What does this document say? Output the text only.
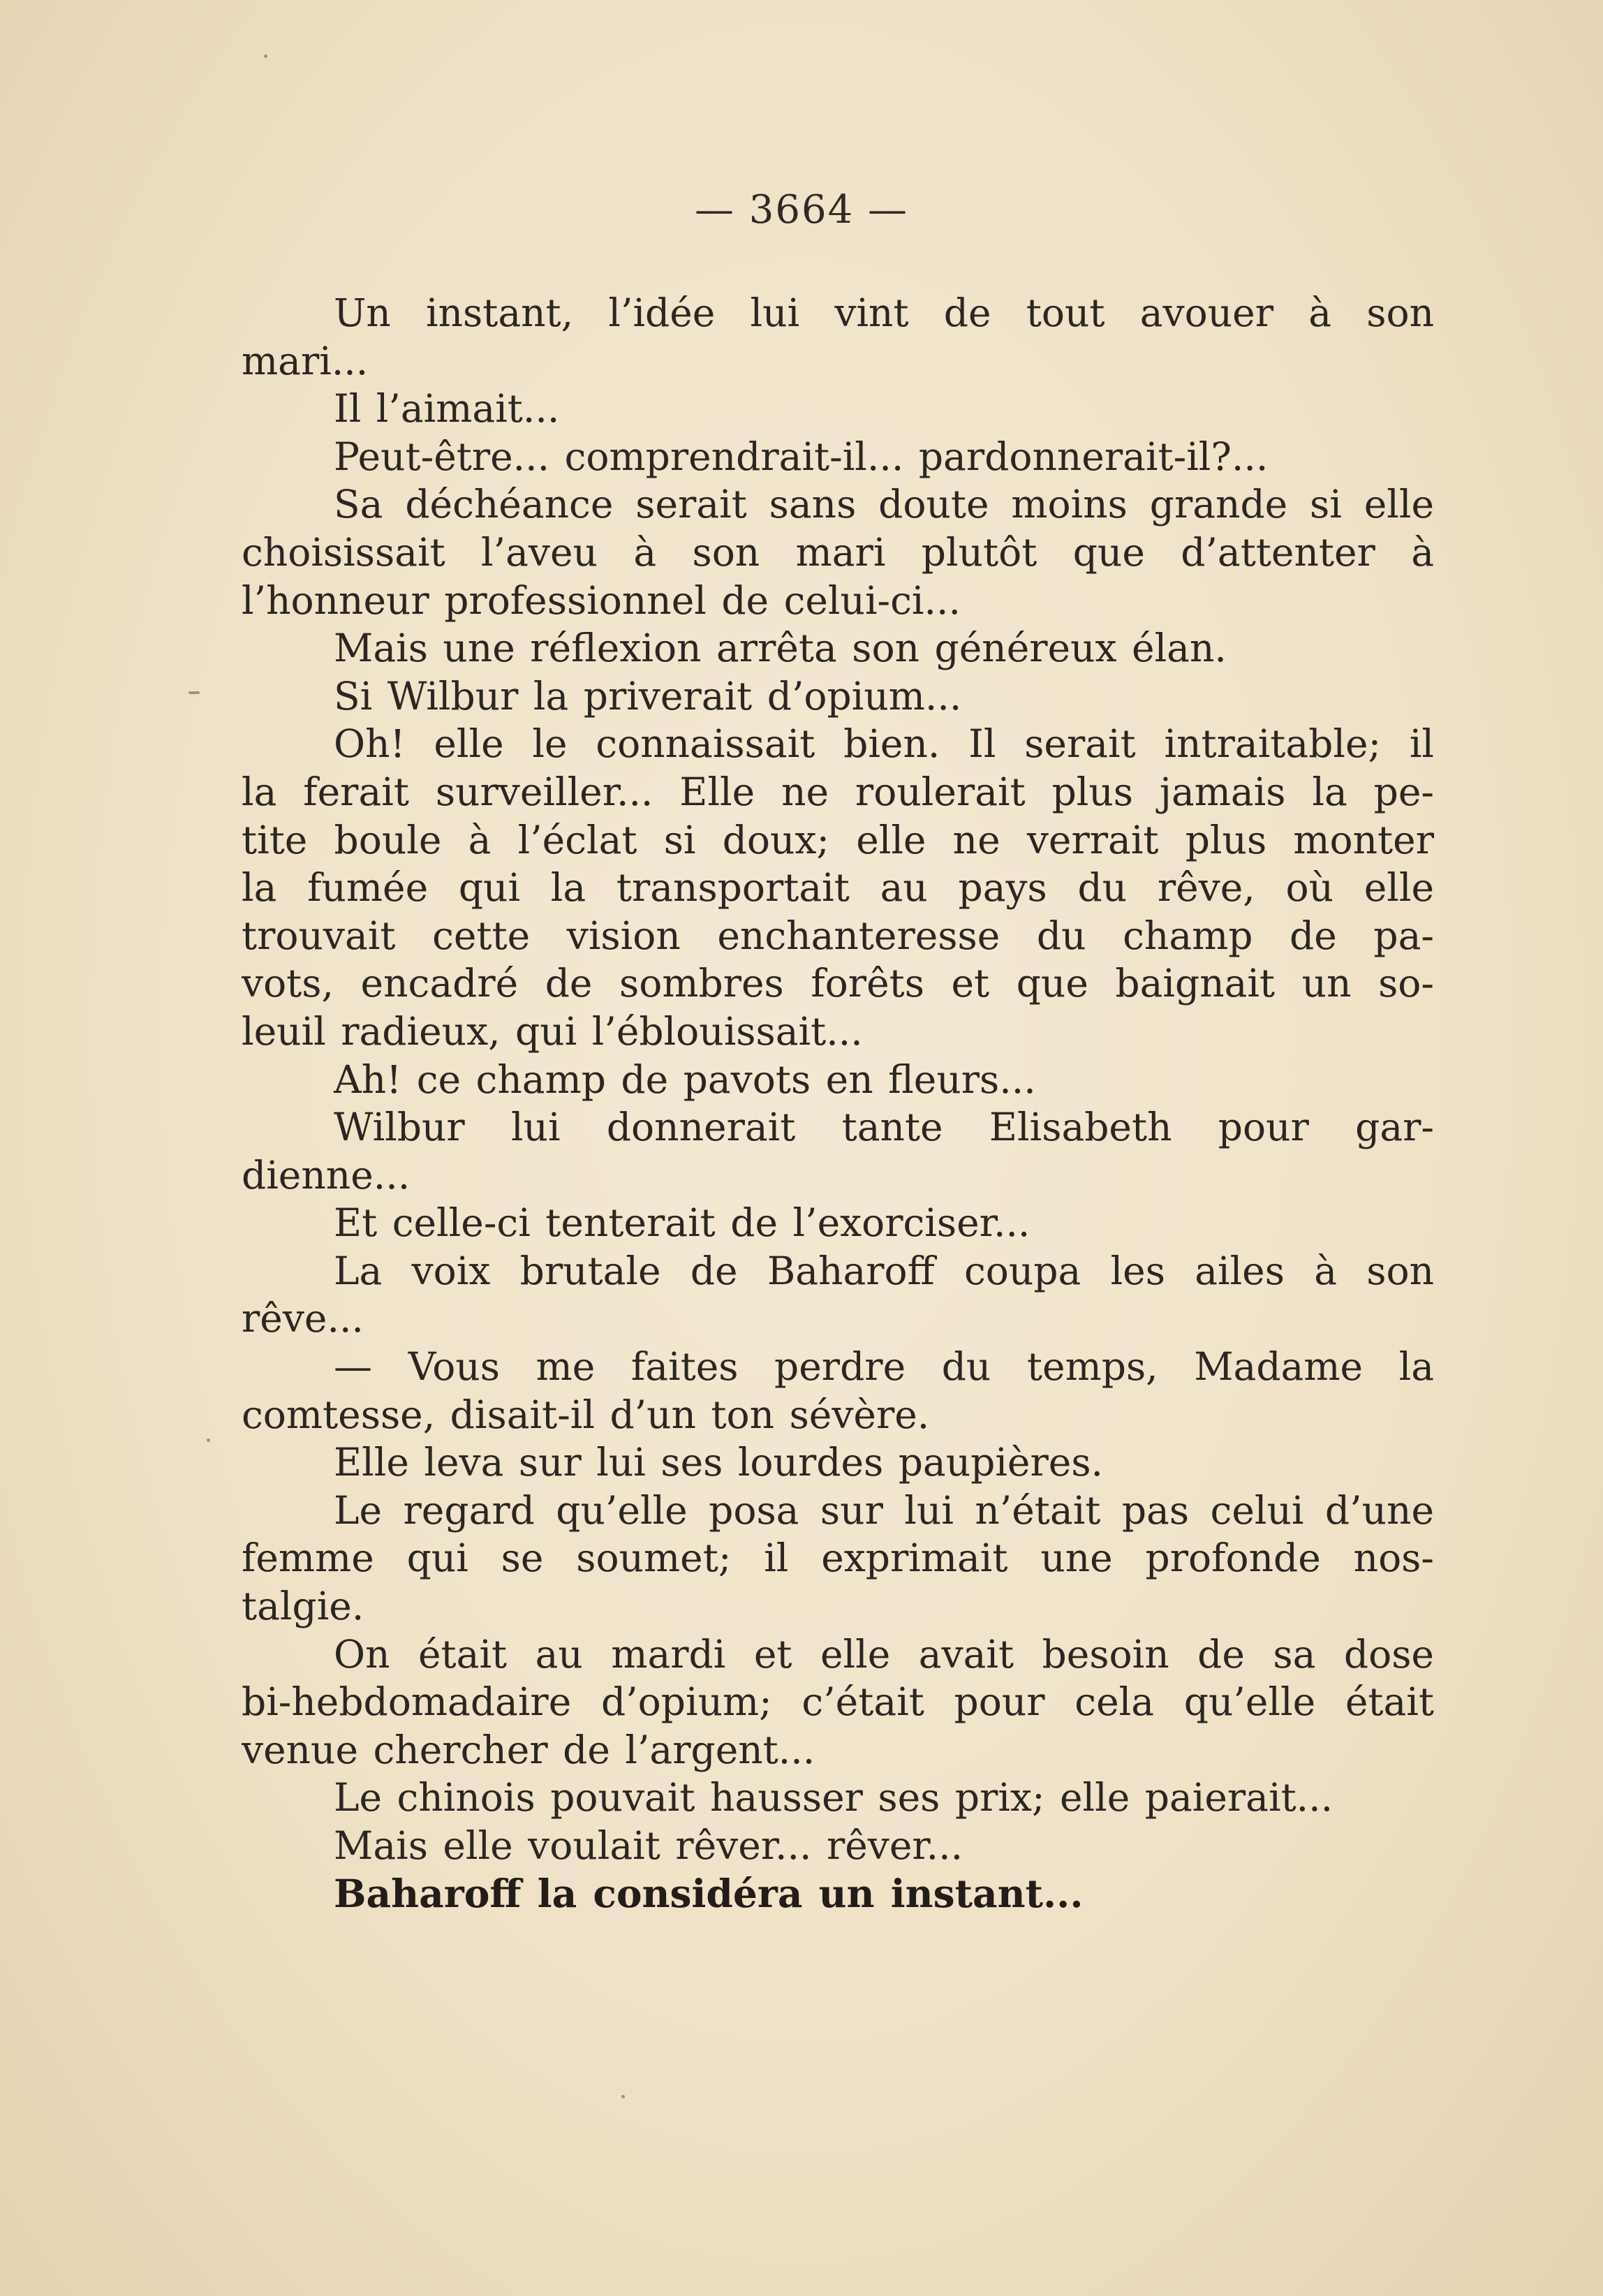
— 3664 —
Un instant, l’idée lui vint de tout avouer à son
mari...
Il l’aimait...
Peut-être... comprendrait-il... pardonnerait-il?...
Sa déchéance serait sans doute moins grande si elle
choisissait l’aveu à son mari plutôt que d’attenter à
l’honneur professionnel de celui-ci...
Mais une réflexion arrêta son généreux élan.
Si Wilbur la priverait d’opium...
Oh! elle le connaissait bien. Il serait intraitable; il
la ferait surveiller... Elle ne roulerait plus jamais la pe-
tite boule à l’éclat si doux; elle ne verrait plus monter
la fumée qui la transportait au pays du rêve, où elle
trouvait cette vision enchanteresse du champ de pa-
vots, encadré de sombres forêts et que baignait un so-
leuil radieux, qui l’éblouissait...
Ah! ce champ de pavots en fleurs...
Wilbur lui donnerait tante Elisabeth pour gar-
dienne...
Et celle-ci tenterait de l’exorciser...
La voix brutale de Baharoff coupa les ailes à son
rêve...
— Vous me faites perdre du temps, Madame la
comtesse, disait-il d’un ton sévère.
Elle leva sur lui ses lourdes paupières.
Le regard qu’elle posa sur lui n’était pas celui d’une
femme qui se soumet; il exprimait une profonde nos-
talgie.
On était au mardi et elle avait besoin de sa dose
bi-hebdomadaire d’opium; c’était pour cela qu’elle était
venue chercher de l’argent...
Le chinois pouvait hausser ses prix; elle paierait...
Mais elle voulait rêver... rêver...
Baharoff la considéra un instant...
